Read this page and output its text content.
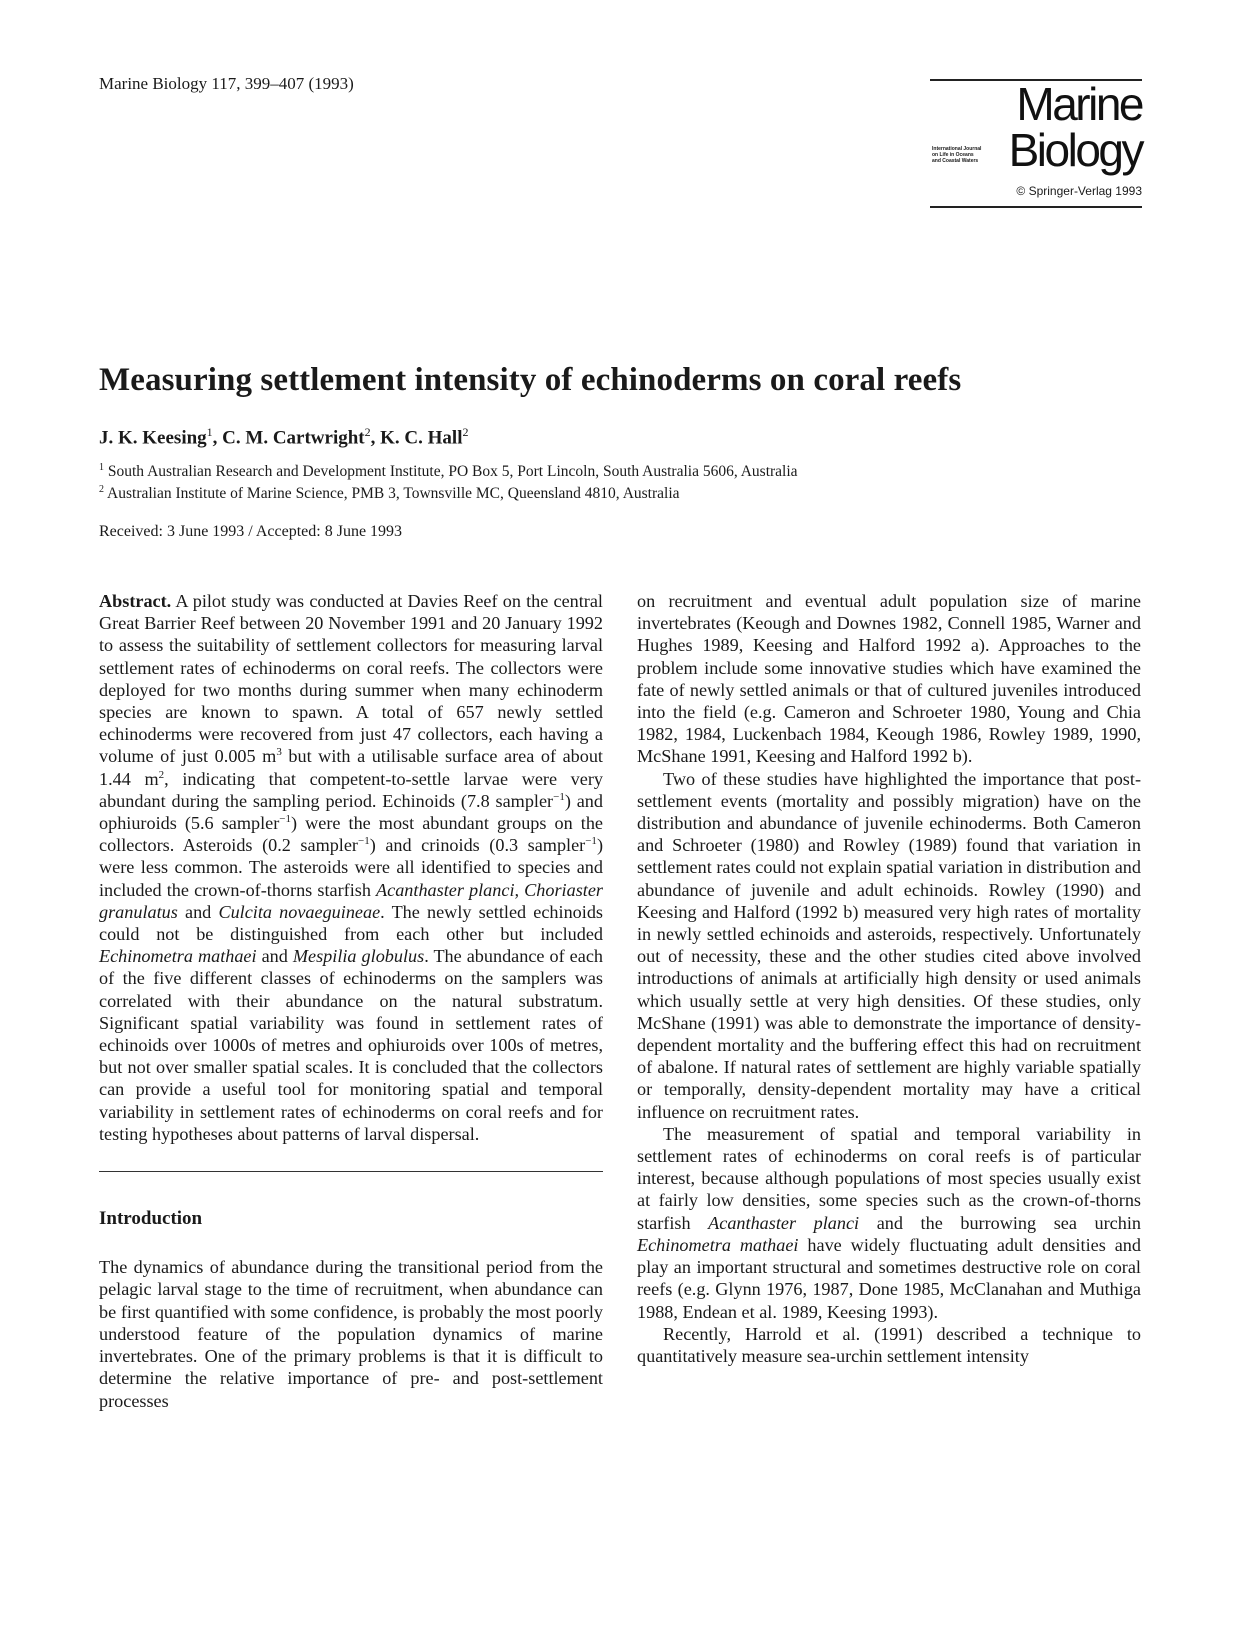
Marine Biology 117, 399–407 (1993)	Marine
International Journal
on Life in Oceans
and Coastal Waters Biology
© Springer-Verlag 1993
Measuring settlement intensity of echinoderms on coral reefs
J. K. Keesing$^1$, C. M. Cartwright$^2$, K. C. Hall$^2$
$^1$ South Australian Research and Development Institute, PO Box 5, Port Lincoln, South Australia 5606, Australia
$^2$ Australian Institute of Marine Science, PMB 3, Townsville MC, Queensland 4810, Australia
Received: 3 June 1993 / Accepted: 8 June 1993

Abstract. A pilot study was conducted at Davies Reef on the central Great Barrier Reef between 20 November 1991 and 20 January 1992 to assess the suitability of settlement collectors for measuring larval settlement rates of echinoderms on coral reefs. The collectors were deployed for two months during summer when many echinoderm species are known to spawn. A total of 657 newly settled echinoderms were recovered from just 47 collectors, each having a volume of just 0.005 $m^3$ but with a utilisable surface area of about 1.44 $m^2$, indicating that competent-to-settle larvae were very abundant during the sampling period. Echinoids (7.8 sampler$^{-1}$) and ophiuroids (5.6 sampler$^{-1}$) were the most abundant groups on the collectors. Asteroids (0.2 sampler$^{-1}$) and crinoids (0.3 sampler$^{-1}$) were less common. The asteroids were all identified to species and included the crown-of-thorns starfish Acanthaster planci, Choriaster granulatus and Culcita novaeguineae. The newly settled echinoids could not be distinguished from each other but included Echinometra mathaei and Mespilia globulus. The abundance of each of the five different classes of echinoderms on the samplers was correlated with their abundance on the natural substratum. Significant spatial variability was found in settlement rates of echinoids over 1000s of metres and ophiuroids over 100s of metres, but not over smaller spatial scales. It is concluded that the collectors can provide a useful tool for monitoring spatial and temporal variability in settlement rates of echinoderms on coral reefs and for testing hypotheses about patterns of larval dispersal.

Introduction

The dynamics of abundance during the transitional period from the pelagic larval stage to the time of recruitment, when abundance can be first quantified with some confidence, is probably the most poorly understood feature of the population dynamics of marine invertebrates. One of the primary problems is that it is difficult to determine the relative importance of pre- and post-settlement processes

on recruitment and eventual adult population size of marine invertebrates (Keough and Downes 1982, Connell 1985, Warner and Hughes 1989, Keesing and Halford 1992 a). Approaches to the problem include some innovative studies which have examined the fate of newly settled animals or that of cultured juveniles introduced into the field (e.g. Cameron and Schroeter 1980, Young and Chia 1982, 1984, Luckenbach 1984, Keough 1986, Rowley 1989, 1990, McShane 1991, Keesing and Halford 1992 b).

Two of these studies have highlighted the importance that post-settlement events (mortality and possibly migration) have on the distribution and abundance of juvenile echinoderms. Both Cameron and Schroeter (1980) and Rowley (1989) found that variation in settlement rates could not explain spatial variation in distribution and abundance of juvenile and adult echinoids. Rowley (1990) and Keesing and Halford (1992 b) measured very high rates of mortality in newly settled echinoids and asteroids, respectively. Unfortunately out of necessity, these and the other studies cited above involved introductions of animals at artificially high density or used animals which usually settle at very high densities. Of these studies, only McShane (1991) was able to demonstrate the importance of density-dependent mortality and the buffering effect this had on recruitment of abalone. If natural rates of settlement are highly variable spatially or temporally, density-dependent mortality may have a critical influence on recruitment rates.

The measurement of spatial and temporal variability in settlement rates of echinoderms on coral reefs is of particular interest, because although populations of most species usually exist at fairly low densities, some species such as the crown-of-thorns starfish Acanthaster planci and the burrowing sea urchin Echinometra mathaei have widely fluctuating adult densities and play an important structural and sometimes destructive role on coral reefs (e.g. Glynn 1976, 1987, Done 1985, McClanahan and Muthiga 1988, Endean et al. 1989, Keesing 1993).

Recently, Harrold et al. (1991) described a technique to quantitatively measure sea-urchin settlement intensity
